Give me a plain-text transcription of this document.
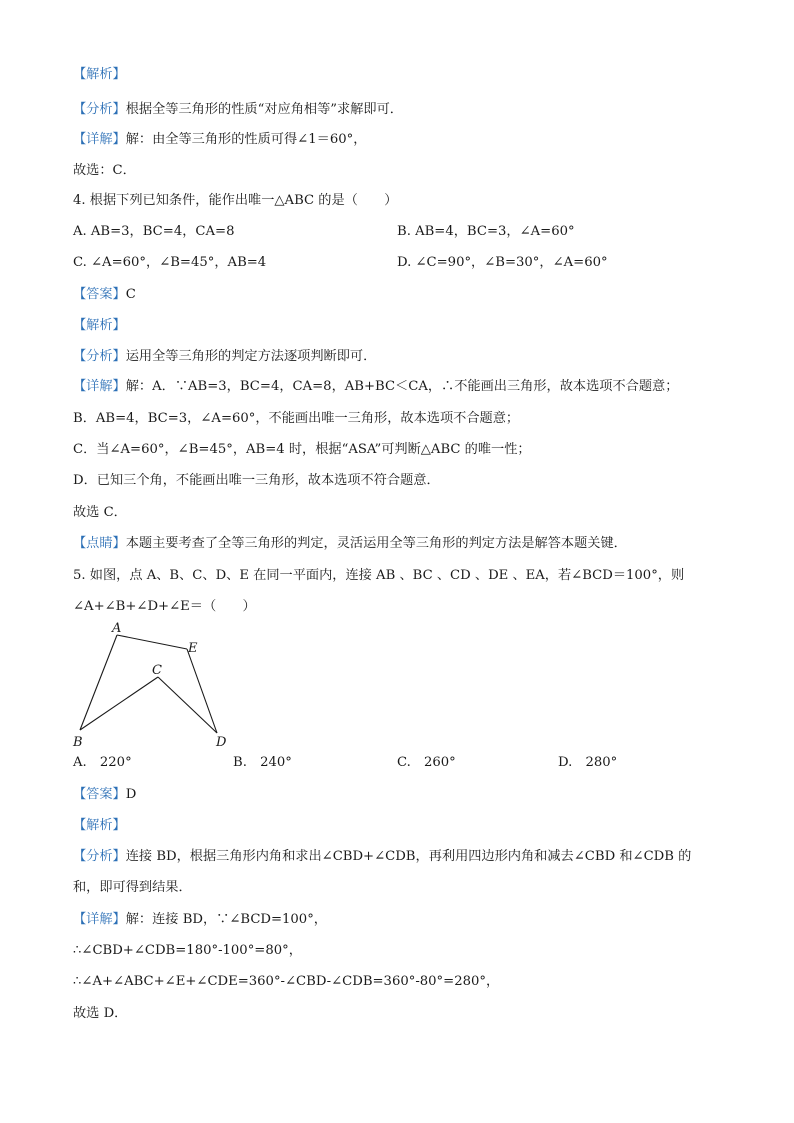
【解析】
【分析】根据全等三角形的性质“对应角相等”求解即可．
【详解】解：由全等三角形的性质可得∠1＝60°，
故选：C．
4. 根据下列已知条件，能作出唯一△ABC 的是（　　）
A. AB=3，BC=4，CA=8	B. AB=4，BC=3，∠A=60°
C. ∠A=60°，∠B=45°，AB=4	D. ∠C=90°，∠B=30°，∠A=60°
【答案】C
【解析】
【分析】运用全等三角形的判定方法逐项判断即可．
【详解】解：A．∵AB=3，BC=4，CA=8，AB+BC＜CA，∴不能画出三角形，故本选项不合题意；
B．AB=4，BC=3，∠A=60°，不能画出唯一三角形，故本选项不合题意；
C．当∠A=60°，∠B=45°，AB=4 时，根据“ASA”可判断△ABC 的唯一性；
D．已知三个角，不能画出唯一三角形，故本选项不符合题意．
故选 C．
【点睛】本题主要考查了全等三角形的判定，灵活运用全等三角形的判定方法是解答本题关键．
5. 如图，点 A、B、C、D、E 在同一平面内，连接 AB 、BC 、CD 、DE 、EA，若∠BCD＝100°，则
∠A+∠B+∠D+∠E＝（　　）
A
E
C
B	D
A.　220°	B.　240°	C.　260°	D.　280°
【答案】D
【解析】
【分析】连接 BD，根据三角形内角和求出∠CBD+∠CDB，再利用四边形内角和减去∠CBD 和∠CDB 的
和，即可得到结果．
【详解】解：连接 BD，∵∠BCD=100°，
∴∠CBD+∠CDB=180°-100°=80°，
∴∠A+∠ABC+∠E+∠CDE=360°-∠CBD-∠CDB=360°-80°=280°，
故选 D．
